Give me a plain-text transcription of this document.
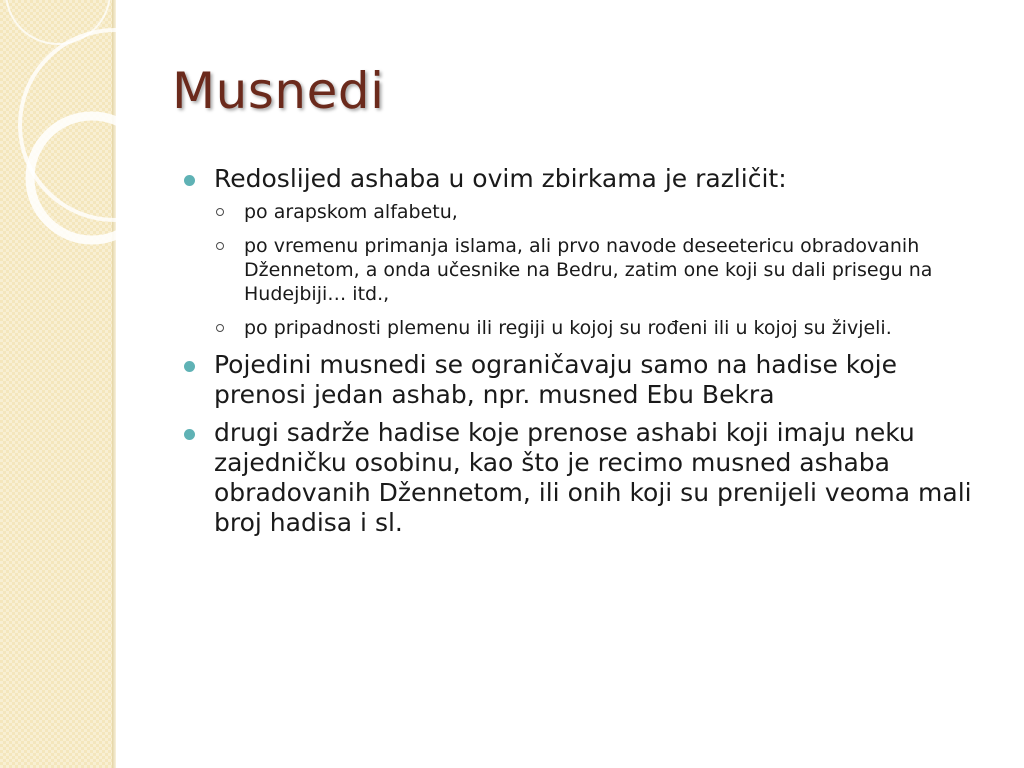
Musnedi
Redoslijed ashaba u ovim zbirkama je različit:
po arapskom alfabetu,
po vremenu primanja islama, ali prvo navode deseetericu obradovanih Džennetom, a onda učesnike na Bedru, zatim one koji su dali prisegu na Hudejbiji… itd.,
po pripadnosti plemenu ili regiji u kojoj su rođeni ili u kojoj su živjeli.
Pojedini musnedi se ograničavaju samo na hadise koje prenosi jedan ashab, npr. musned Ebu Bekra
drugi sadrže hadise koje prenose ashabi koji imaju neku zajedničku osobinu, kao što je recimo musned ashaba obradovanih Džennetom, ili onih koji su prenijeli veoma mali broj hadisa i sl.
